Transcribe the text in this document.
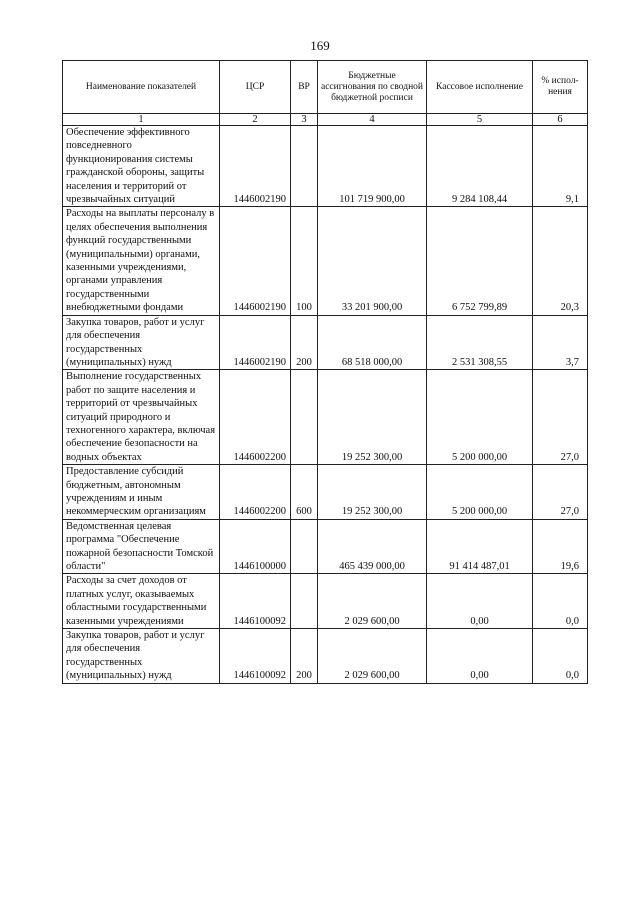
169
Наименование показателей	ЦСР	ВР	Бюджетные ассигнования по сводной бюджетной росписи	Кассовое исполнение	% испол-нения
1	2	3	4	5	6
Обеспечение эффективного повседневного функционирования системы гражданской обороны, защиты населения и территорий от чрезвычайных ситуаций	1446002190		101 719 900,00	9 284 108,44	9,1
Расходы на выплаты персоналу в целях обеспечения выполнения функций государственными (муниципальными) органами, казенными учреждениями, органами управления государственными внебюджетными фондами	1446002190	100	33 201 900,00	6 752 799,89	20,3
Закупка товаров, работ и услуг для обеспечения государственных (муниципальных) нужд	1446002190	200	68 518 000,00	2 531 308,55	3,7
Выполнение государственных работ по защите населения и территорий от чрезвычайных ситуаций природного и техногенного характера, включая обеспечение безопасности на водных объектах	1446002200		19 252 300,00	5 200 000,00	27,0
Предоставление субсидий бюджетным, автономным учреждениям и иным некоммерческим организациям	1446002200	600	19 252 300,00	5 200 000,00	27,0
Ведомственная целевая программа "Обеспечение пожарной безопасности Томской области"	1446100000		465 439 000,00	91 414 487,01	19,6
Расходы за счет доходов от платных услуг, оказываемых областными государственными казенными учреждениями	1446100092		2 029 600,00	0,00	0,0
Закупка товаров, работ и услуг для обеспечения государственных (муниципальных) нужд	1446100092	200	2 029 600,00	0,00	0,0
